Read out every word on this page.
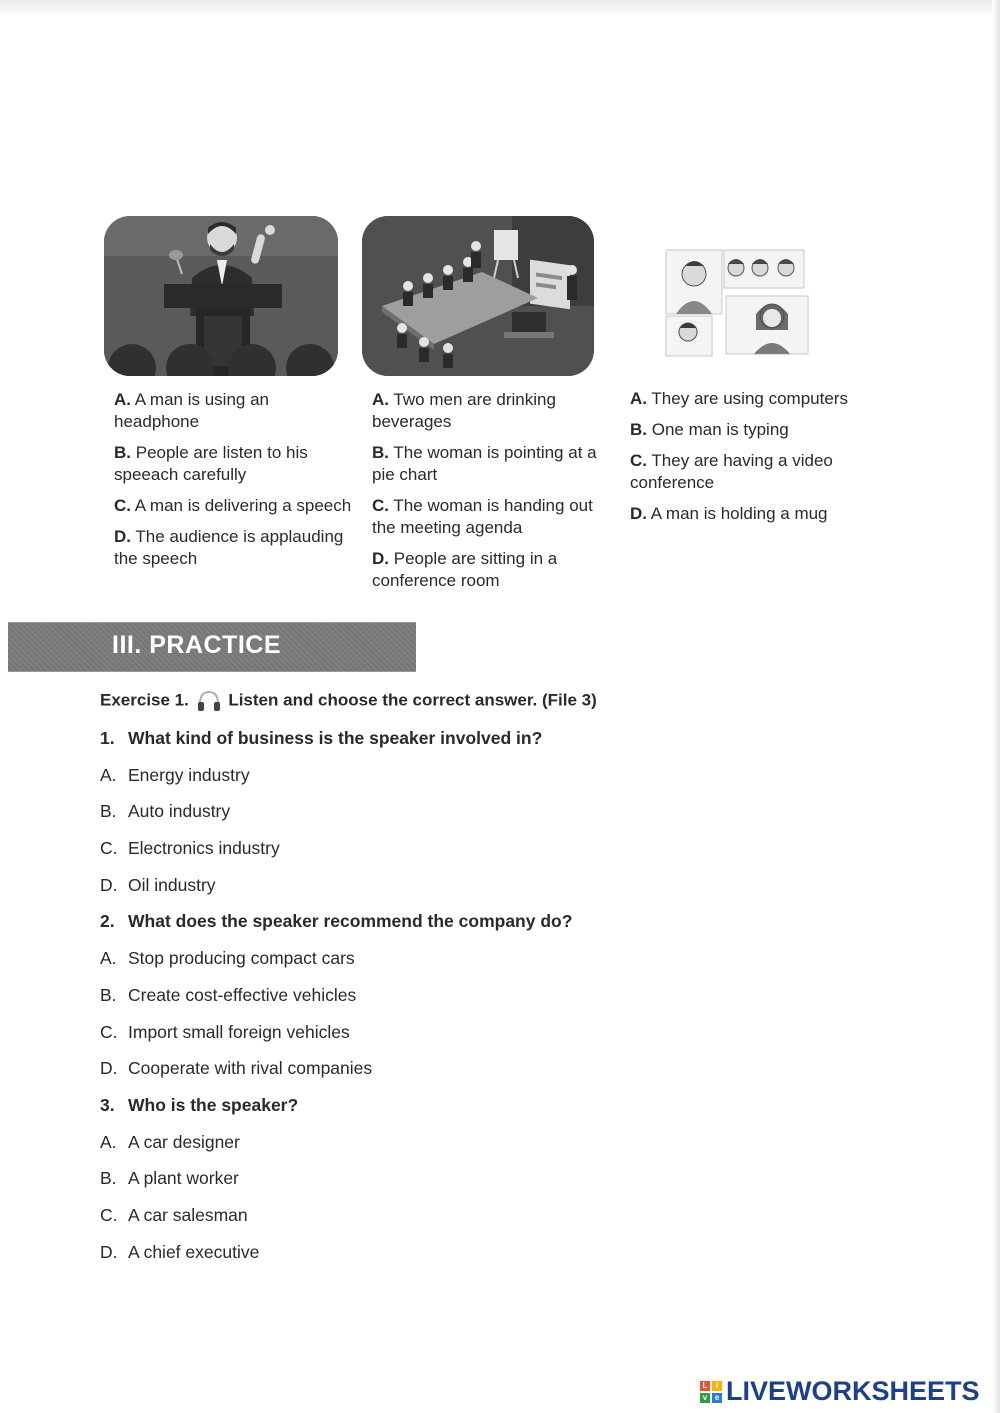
A. A man is using an headphone
B. People are listen to his speeach carefully
C. A man is delivering a speech
D. The audience is applauding the speech
A. Two men are drinking beverages
B. The woman is pointing at a pie chart
C. The woman is handing out the meeting agenda
D. People are sitting in a conference room
A. They are using computers
B. One man is typing
C. They are having a video conference
D. A man is holding a mug
III. PRACTICE
Exercise 1. Listen and choose the correct answer. (File 3)
1. What kind of business is the speaker involved in?
A. Energy industry
B. Auto industry
C. Electronics industry
D. Oil industry
2. What does the speaker recommend the company do?
A. Stop producing compact cars
B. Create cost-effective vehicles
C. Import small foreign vehicles
D. Cooperate with rival companies
3. Who is the speaker?
A. A car designer
B. A plant worker
C. A car salesman
D. A chief executive
L	i
v e LIVEWORKSHEETS
